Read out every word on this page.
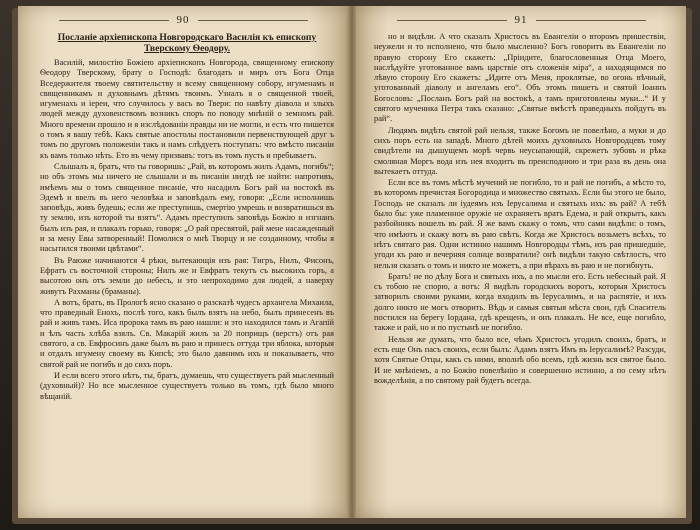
90
Посланіе архіепископа Новгородскаго Василія къ епископу Тверскому Ѳеодору.

Василій, милостію Божіею архіепископъ Новгорода, священному епископу Ѳеодору Тверскому, брату о Господѣ: благодать и миръ отъ Бога Отца Вседержителя твоему святительству и всему священному собору, игуменамъ и священникамъ и духовнымъ дѣтямъ твоимъ. Узналъ я о священной твоей, игуменахъ и іереи, что случилось у васъ во Твери: по навѣту діавола и злыхъ людей между духовенствомъ возникъ споръ по поводу мнѣній о земномъ рай. Много времени прошло и я изслѣдованіи правды ни не могли, и есть что пишется о томъ я вашу тебѣ. Какъ святые апостолы постановили первенствующей друг ъ томъ по другомъ положеніи такъ и намъ слѣдуетъ поступать: что вмѣсто писаніи къ вамъ только нѣть. Ето въ чему призвавъ: тотъ въ томъ пусть и пребываетъ.

Слышалъ я, братъ, что ты говоришь: „Рай, въ которомъ жилъ Адамъ, погибъ“; но объ этомъ мы ничего не слышали и въ писаніи нигдѣ не найти: напротивъ, имѣемъ мы о томъ священное писаніе, что насадилъ Богъ рай на востокѣ въ Эдемѣ и ввелъ въ него человѣка и заповѣдалъ ему, говоря: „Если исполнишь заповѣдь, живъ будешь; если же преступишь, смертію умрешь и возвратишься въ ту землю, изъ которой ты взятъ“. Адамъ преступилъ заповѣдь Божію и изгнанъ былъ изъ рая, и плакалъ горько, говоря: „О рай пресвятой, рай мене насажденный и за мену Евы затворенный! Помолися о мнѣ Творцу и не созданному, чтобы я насытился твоими цвѣтами“.

Въ Раюже начинаются 4 рѣки, вытекающія изъ рая: Тигръ, Нилъ, Фисонъ, Ефратъ съ восточной стороны; Нилъ же и Евфратъ текутъ съ высокихъ горъ, а высотою онъ отъ земли до небесъ, и это непроходимо для людей, а наверху живутъ Рахманы (браманы).

А вотъ, братъ, въ Прологѣ ясно сказано о разсказѣ чудесъ архангела Михаила, что праведный Енохъ, послѣ того, какъ былъ взятъ на небо, былъ принесенъ въ рай и живъ тамъ. Иса пророка тамъ въ раю нашли: и это находился тамъ и Агапій и ѣлъ часть хлѣба взялъ. Св. Макарій жилъ за 20 поприщъ (верстъ) отъ рая святого, а св. Евфросинъ даже былъ въ раю и принесъ оттуда три яблока, которыя и отдалъ игумену своему въ Кипсѣ; это было давнимъ ихъ и показываетъ, что святой рай не погибъ и до сихъ поръ.

И если всего этого нѣтъ, ты, братъ, думаешь, что существуетъ рай мысленный (духовный)? Но все мысленное существуетъ только въ томъ, гдѣ было много вѣщаній.

91

но и видѣли. А что сказалъ Христосъ въ Евангеліи о второмъ пришествіи, неужели и то исполнено, что было мысленно? Богъ говоритъ въ Евангеліи по правую сторону Его скажетъ: „Пріидите, благословенныя Отца Моего, наслѣдуйте уготованное вамъ царствіе отъ сложенія міра“, а находящимся по лѣвую сторону Его скажетъ: „Идите отъ Меня, проклятые, во огонь вѣчный, уготованный діаволу и ангеламъ его“. Объ этомъ пишетъ и святой Іоаннъ Богословъ: „Посланъ Богъ рай на востокѣ, а тамъ приготовлены муки...“ И у святого мученика Петра такъ сказано: „Святые вмѣстѣ праведныхъ пойдутъ въ рай“.

Людямъ видѣть святой рай нельзя, также Богомъ не повелѣно, а муки и до сихъ поръ есть на западѣ. Много дѣтей моихъ духовныхъ Новгородцевъ тому свидѣтели на дышущемъ морѣ червь неусыпающій, скрежетъ зубовъ и рѣка смоляная Моргъ вода изъ нея входитъ въ преисподнюю и три раза въ день она вытекаетъ оттуда.

Если все въ томъ мѣстѣ мучений не погибло, то и рай не погибъ, а мѣсто то, въ которомъ пречистая Богородица и множество святыхъ. Если бы этого не было, Господь не сказалъ ли іудеямъ изъ Іерусалима и святыхъ ихъ: въ рай? А тебѣ было бы: уже пламенное оружіе не охраняетъ вратъ Едема, и рай открытъ, какъ разбойникъ вошелъ въ рай. Я же вамъ скажу о томъ, что сами видѣли: о томъ, что имѣютъ и скажу вотъ въ раю свѣтъ. Когда же Христосъ возьметъ всѣхъ, то нѣтъ святаго рая. Одни истинно нашимъ Новгородцы тѣмъ, изъ рая пришедшіе, угоди къ раю и вечерняя солнце возвратили? онѣ видѣли такую свѣтлость, что нельзя сказать о томъ и никто не можетъ, а при вѣрахъ въ раю и не погибнуть.

Братъ! не по дѣлу Бога и святыхъ ихъ, а по мысли его. Есть небесный рай. Я съ тобою не спорю, а вотъ: Я видѣлъ городскихъ воротъ, которыя Христосъ затворилъ своими руками, когда входилъ въ Іерусалимъ, и на распятіе, и ихъ долго никто не могъ отворить. Вѣдь и самыя святыя мѣста свои, гдѣ Спаситель постился на берегу Іордана, гдѣ крещенъ, и онъ плакалъ. Не все, еще погибло, также и рай, но и по пустынѣ не погибло.

Нельзя же думать, что было все, чѣмъ Христосъ угодилъ своихъ, братъ, и есть еще Онъ пасъ своихъ, если былъ: Адамъ взятъ Имъ въ Іерусалимѣ? Разсуди, хотя Святые Отцы, какъ съ ними, вполнѣ обо всемъ, гдѣ жизнь вся святое было. И не мнѣніемъ, а по Божію повелѣнію и совершенно истинно, а по сему нѣтъ вожделѣнія, а по святому рай будетъ всегда.
